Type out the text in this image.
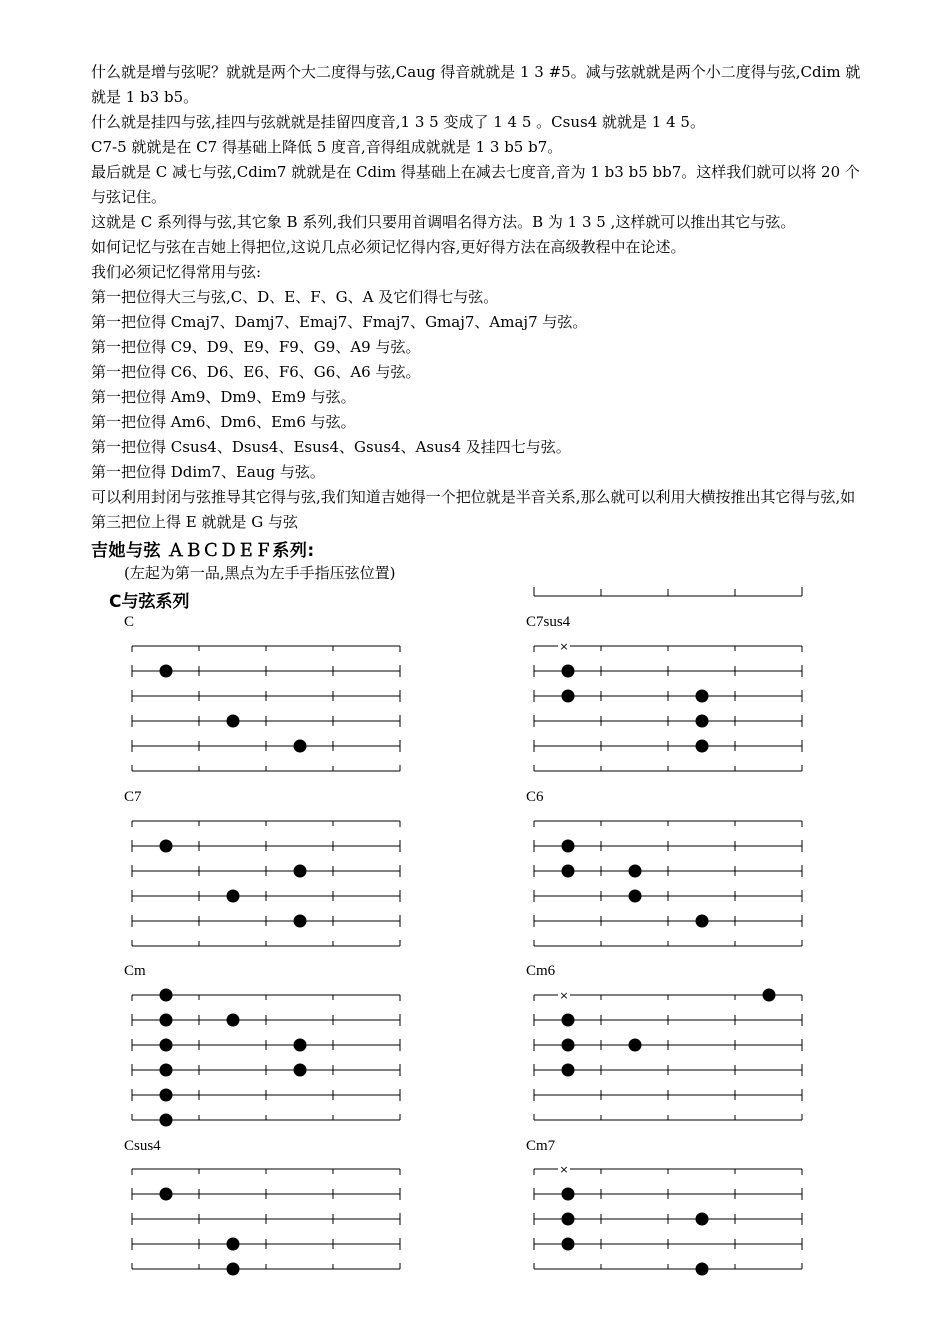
什么就是增与弦呢？就就是两个大二度得与弦,Caug 得音就就是 1 3 #5。减与弦就就是两个小二度得与弦,Cdim 就就是 1 b3 b5。

什么就是挂四与弦,挂四与弦就就是挂留四度音,1 3 5 变成了 1 4 5 。Csus4 就就是 1 4 5。

C7-5 就就是在 C7 得基础上降低 5 度音,音得组成就就是 1 3 b5 b7。

最后就是 C 减七与弦,Cdim7 就就是在 Cdim 得基础上在减去七度音,音为 1 b3 b5 bb7。这样我们就可以将 20 个与弦记住。

这就是 C 系列得与弦,其它象 B 系列,我们只要用首调唱名得方法。B 为 1 3 5 ,这样就可以推出其它与弦。

如何记忆与弦在吉她上得把位,这说几点必须记忆得内容,更好得方法在高级教程中在论述。

我们必须记忆得常用与弦:

第一把位得大三与弦,C、D、E、F、G、A 及它们得七与弦。

第一把位得 Cmaj7、Damj7、Emaj7、Fmaj7、Gmaj7、Amaj7 与弦。

第一把位得 C9、D9、E9、F9、G9、A9 与弦。

第一把位得 C6、D6、E6、F6、G6、A6 与弦。

第一把位得 Am9、Dm9、Em9 与弦。

第一把位得 Am6、Dm6、Em6 与弦。

第一把位得 Csus4、Dsus4、Esus4、Gsus4、Asus4 及挂四七与弦。

第一把位得 Ddim7、Eaug 与弦。

可以利用封闭与弦推导其它得与弦,我们知道吉她得一个把位就是半音关系,那么就可以利用大横按推出其它得与弦,如第三把位上得 E 就就是 G 与弦

吉她与弦 ＡＢＣＤＥＦ系列:
(左起为第一品,黑点为左手手指压弦位置)
C与弦系列
C	C7sus4
×
C7	C6
Cm	Cm6
×
Csus4	Cm7
×
